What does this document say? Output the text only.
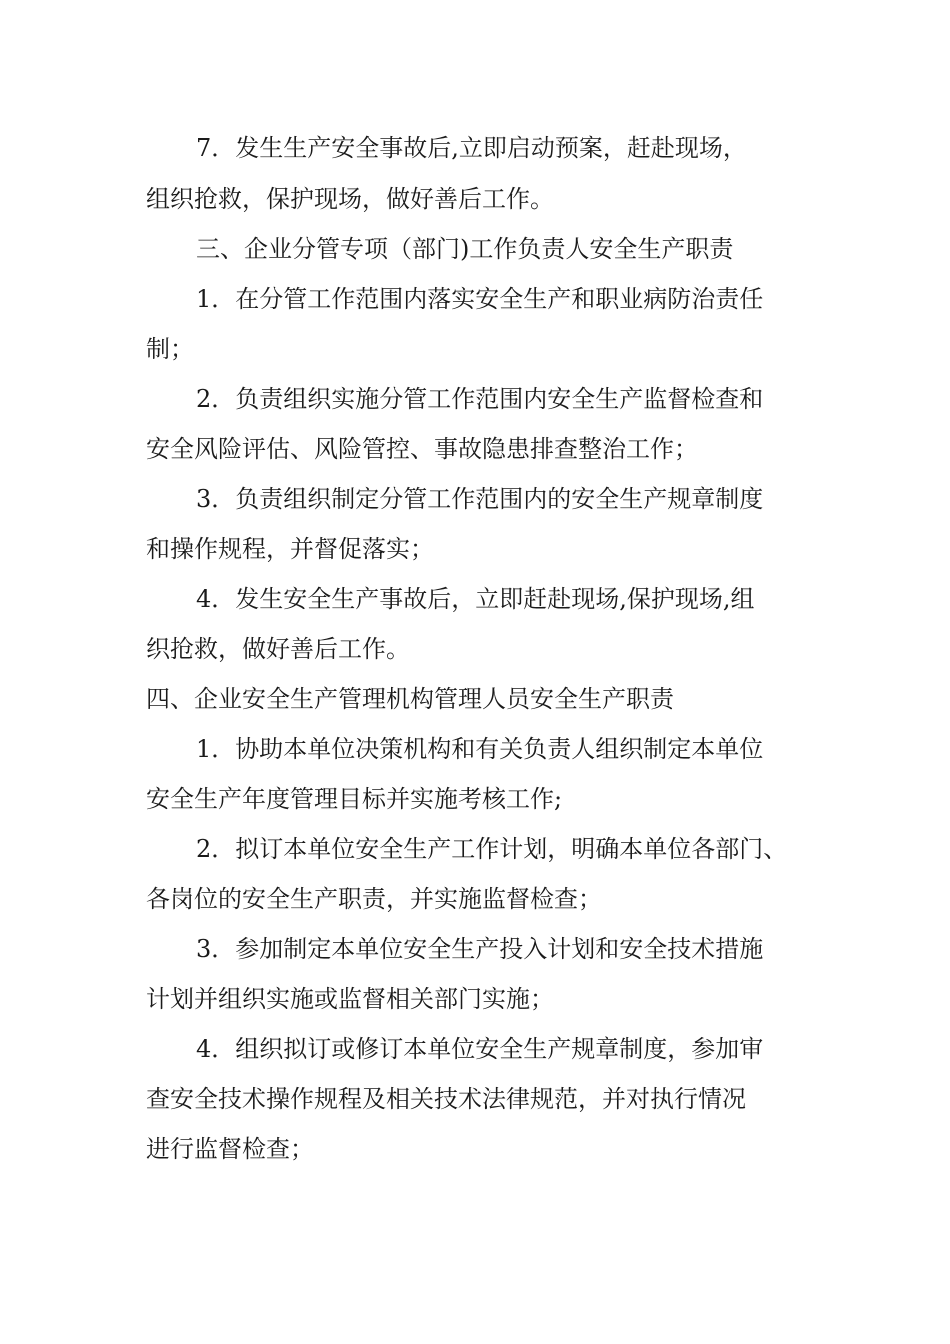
7．发生生产安全事故后,立即启动预案，赶赴现场，
组织抢救，保护现场，做好善后工作。
三、企业分管专项（部门)工作负责人安全生产职责
1．在分管工作范围内落实安全生产和职业病防治责任
制；
2．负责组织实施分管工作范围内安全生产监督检查和
安全风险评估、风险管控、事故隐患排查整治工作；
3．负责组织制定分管工作范围内的安全生产规章制度
和操作规程，并督促落实；
4．发生安全生产事故后，立即赶赴现场,保护现场,组
织抢救，做好善后工作。
四、企业安全生产管理机构管理人员安全生产职责
1．协助本单位决策机构和有关负责人组织制定本单位
安全生产年度管理目标并实施考核工作;
2．拟订本单位安全生产工作计划，明确本单位各部门、
各岗位的安全生产职责，并实施监督检查；
3．参加制定本单位安全生产投入计划和安全技术措施
计划并组织实施或监督相关部门实施；
4．组织拟订或修订本单位安全生产规章制度，参加审
查安全技术操作规程及相关技术法律规范，并对执行情况
进行监督检查；
